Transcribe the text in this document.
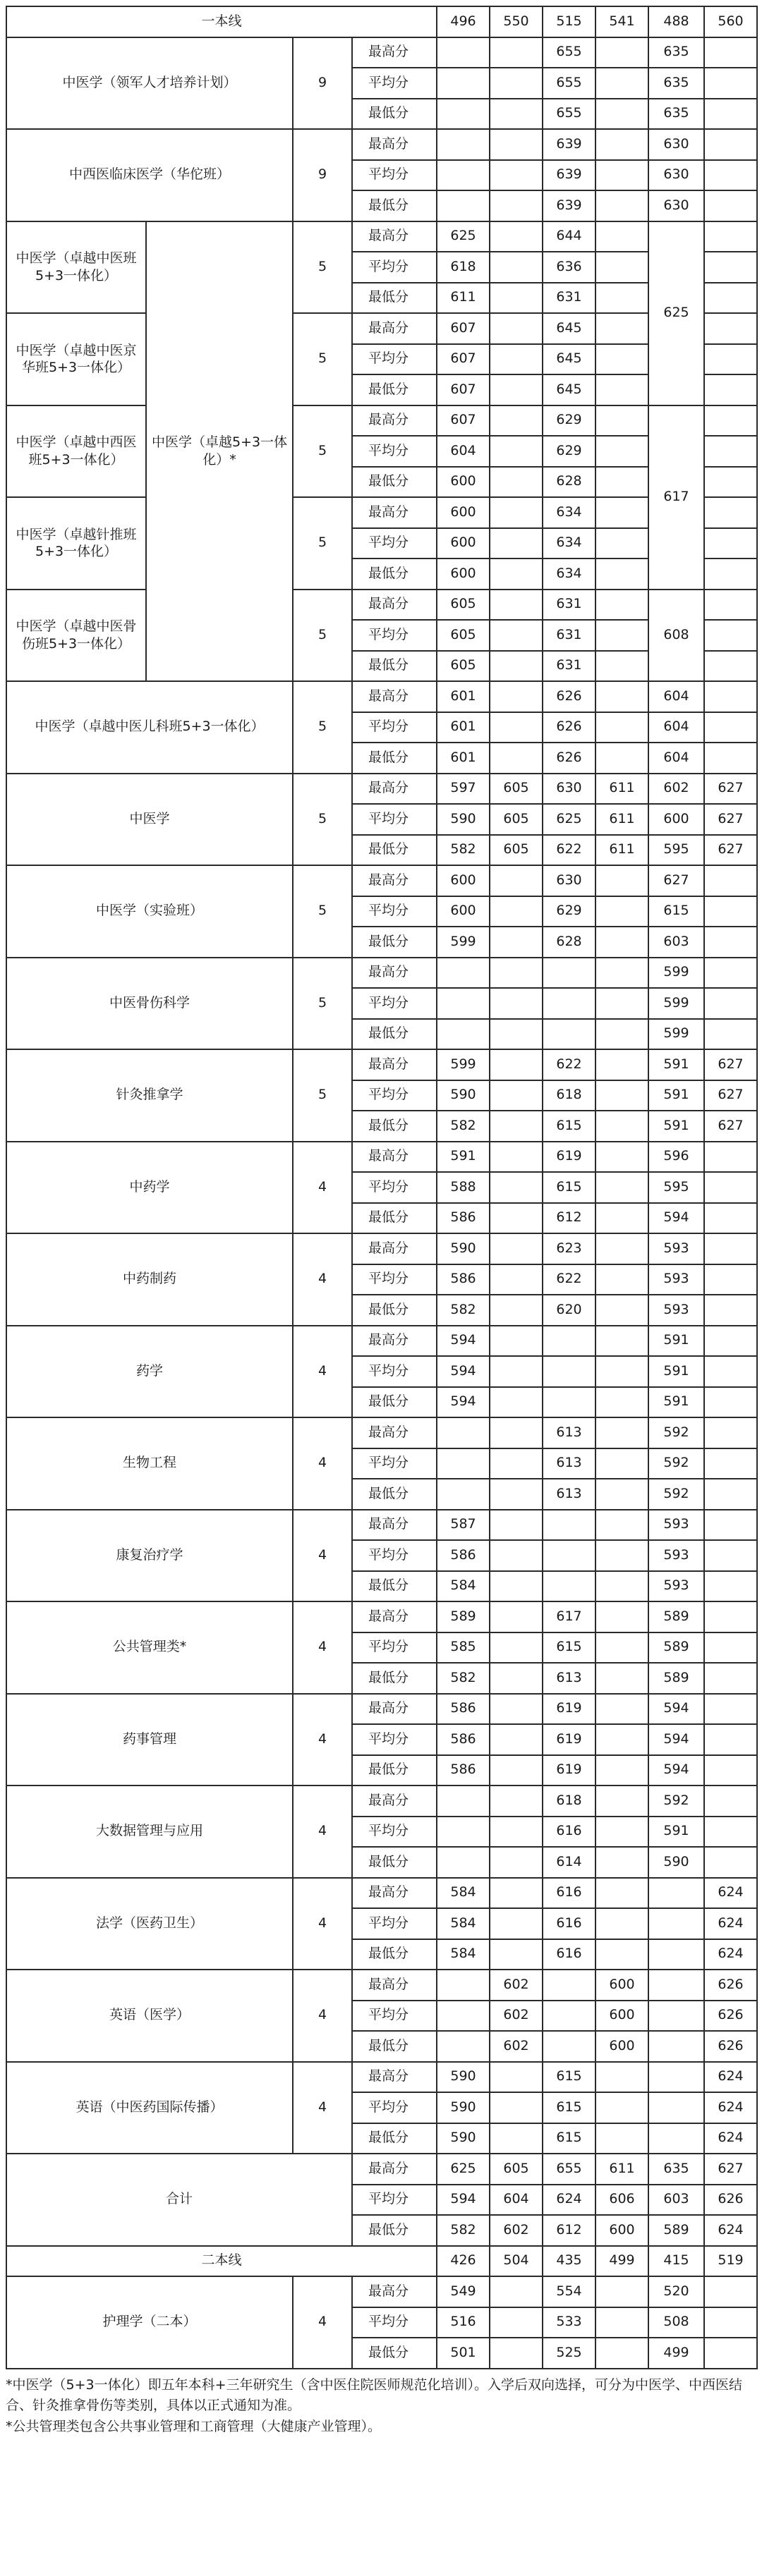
一本线				496	550	515	541	488	560
中医学（领军人才培养计划）		9	最高分			655		635	
			平均分			655		635	
			最低分			655		635	
中西医临床医学（华佗班）		9	最高分			639		630	
			平均分			639		630	
			最低分			639		630	
中医学（卓越中医班5+3一体化）	中医学（卓越5+3一体化）*	5	最高分	625		644		625	
			平均分	618		636			
			最低分	611		631			
中医学（卓越中医京华班5+3一体化）		5	最高分	607		645			
			平均分	607		645			
			最低分	607		645			
中医学（卓越中西医班5+3一体化）		5	最高分	607		629		617	
			平均分	604		629			
			最低分	600		628			
中医学（卓越针推班5+3一体化）		5	最高分	600		634			
			平均分	600		634			
			最低分	600		634			
中医学（卓越中医骨伤班5+3一体化）		5	最高分	605		631		608	
			平均分	605		631			
			最低分	605		631			
中医学（卓越中医儿科班5+3一体化）		5	最高分	601		626		604	
			平均分	601		626		604	
			最低分	601		626		604	
中医学		5	最高分	597	605	630	611	602	627
			平均分	590	605	625	611	600	627
			最低分	582	605	622	611	595	627
中医学（实验班）		5	最高分	600		630		627	
			平均分	600		629		615	
			最低分	599		628		603	
中医骨伤科学		5	最高分					599	
			平均分					599	
			最低分					599	
针灸推拿学		5	最高分	599		622		591	627
			平均分	590		618		591	627
			最低分	582		615		591	627
中药学		4	最高分	591		619		596	
			平均分	588		615		595	
			最低分	586		612		594	
中药制药		4	最高分	590		623		593	
			平均分	586		622		593	
			最低分	582		620		593	
药学		4	最高分	594				591	
			平均分	594				591	
			最低分	594				591	
生物工程		4	最高分			613		592	
			平均分			613		592	
			最低分			613		592	
康复治疗学		4	最高分	587				593	
			平均分	586				593	
			最低分	584				593	
公共管理类*		4	最高分	589		617		589	
			平均分	585		615		589	
			最低分	582		613		589	
药事管理		4	最高分	586		619		594	
			平均分	586		619		594	
			最低分	586		619		594	
大数据管理与应用		4	最高分			618		592	
			平均分			616		591	
			最低分			614		590	
法学（医药卫生）		4	最高分	584		616			624
			平均分	584		616			624
			最低分	584		616			624
英语（医学）		4	最高分		602		600		626
			平均分		602		600		626
			最低分		602		600		626
英语（中医药国际传播）		4	最高分	590		615			624
			平均分	590		615			624
			最低分	590		615			624
合计			最高分	625	605	655	611	635	627
			平均分	594	604	624	606	603	626
			最低分	582	602	612	600	589	624
二本线				426	504	435	499	415	519
护理学（二本）		4	最高分	549		554		520	
			平均分	516		533		508	
			最低分	501		525		499	
*中医学（5+3一体化）即五年本科+三年研究生（含中医住院医师规范化培训）。入学后双向选择，可分为中医学、中西医结合、针灸推拿骨伤等类别，具体以正式通知为准。
*公共管理类包含公共事业管理和工商管理（大健康产业管理）。
